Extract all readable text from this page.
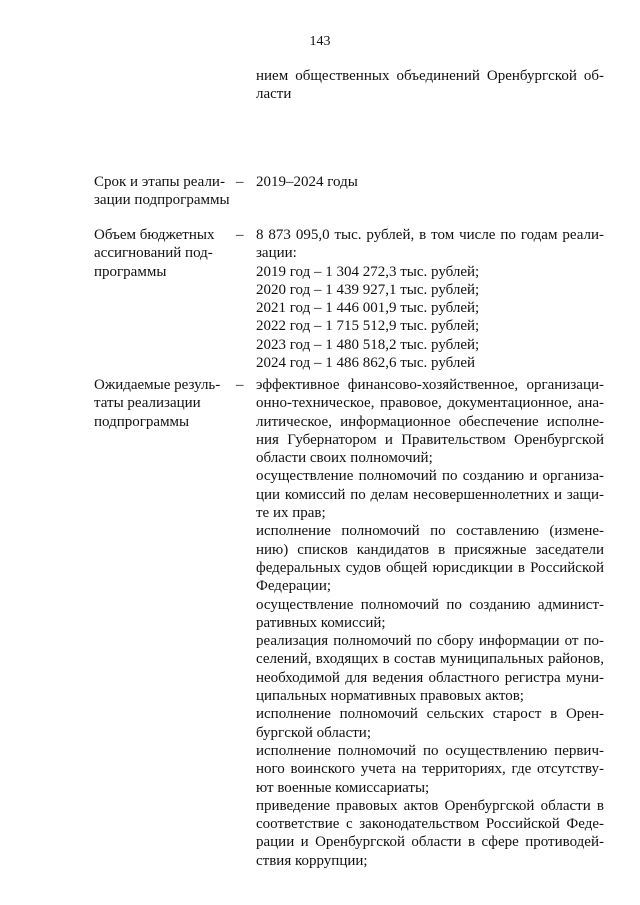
143
нием общественных объединений Оренбургской об-
ласти
Срок и этапы реали-
зации подпрограммы
– 2019–2024 годы
Объем бюджетных
ассигнований под-
программы
– 8 873 095,0 тыс. рублей, в том числе по годам реали-
зации:
2019 год – 1 304 272,3 тыс. рублей;
2020 год – 1 439 927,1 тыс. рублей;
2021 год – 1 446 001,9 тыс. рублей;
2022 год – 1 715 512,9 тыс. рублей;
2023 год – 1 480 518,2 тыс. рублей;
2024 год – 1 486 862,6 тыс. рублей
Ожидаемые резуль-
таты реализации
подпрограммы
– эффективное финансово-хозяйственное, организаци-
онно-техническое, правовое, документационное, ана-
литическое, информационное обеспечение исполне-
ния Губернатором и Правительством Оренбургской
области своих полномочий;
осуществление полномочий по созданию и организа-
ции комиссий по делам несовершеннолетних и защи-
те их прав;
исполнение полномочий по составлению (измене-
нию) списков кандидатов в присяжные заседатели
федеральных судов общей юрисдикции в Российской
Федерации;
осуществление полномочий по созданию админист-
ративных комиссий;
реализация полномочий по сбору информации от по-
селений, входящих в состав муниципальных районов,
необходимой для ведения областного регистра муни-
ципальных нормативных правовых актов;
исполнение полномочий сельских старост в Орен-
бургской области;
исполнение полномочий по осуществлению первич-
ного воинского учета на территориях, где отсутству-
ют военные комиссариаты;
приведение правовых актов Оренбургской области в
соответствие с законодательством Российской Феде-
рации и Оренбургской области в сфере противодей-
ствия коррупции;
